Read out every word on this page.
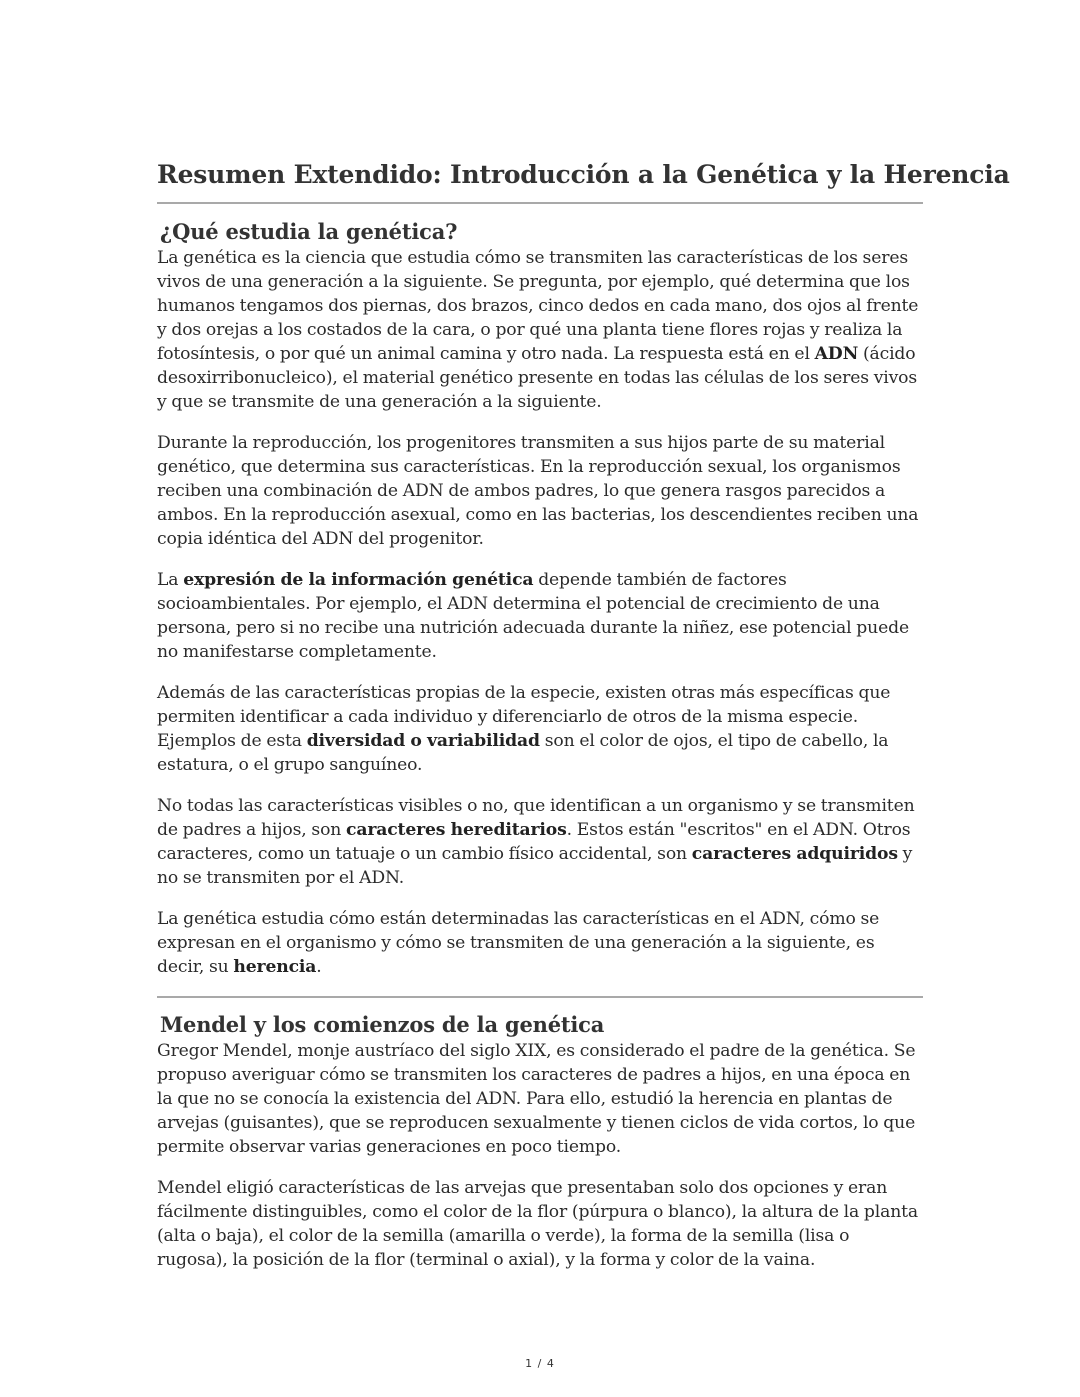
Resumen Extendido: Introducción a la Genética y la Herencia
¿Qué estudia la genética?

La genética es la ciencia que estudia cómo se transmiten las características de los seres vivos de una generación a la siguiente. Se pregunta, por ejemplo, qué determina que los humanos tengamos dos piernas, dos brazos, cinco dedos en cada mano, dos ojos al frente y dos orejas a los costados de la cara, o por qué una planta tiene flores rojas y realiza la fotosíntesis, o por qué un animal camina y otro nada. La respuesta está en el ADN (ácido desoxirribonucleico), el material genético presente en todas las células de los seres vivos y que se transmite de una generación a la siguiente.

Durante la reproducción, los progenitores transmiten a sus hijos parte de su material genético, que determina sus características. En la reproducción sexual, los organismos reciben una combinación de ADN de ambos padres, lo que genera rasgos parecidos a ambos. En la reproducción asexual, como en las bacterias, los descendientes reciben una copia idéntica del ADN del progenitor.

La expresión de la información genética depende también de factores socioambientales. Por ejemplo, el ADN determina el potencial de crecimiento de una persona, pero si no recibe una nutrición adecuada durante la niñez, ese potencial puede no manifestarse completamente.

Además de las características propias de la especie, existen otras más específicas que permiten identificar a cada individuo y diferenciarlo de otros de la misma especie. Ejemplos de esta diversidad o variabilidad son el color de ojos, el tipo de cabello, la estatura, o el grupo sanguíneo.

No todas las características visibles o no, que identifican a un organismo y se transmiten de padres a hijos, son caracteres hereditarios. Estos están "escritos" en el ADN. Otros caracteres, como un tatuaje o un cambio físico accidental, son caracteres adquiridos y no se transmiten por el ADN.

La genética estudia cómo están determinadas las características en el ADN, cómo se expresan en el organismo y cómo se transmiten de una generación a la siguiente, es decir, su herencia.

Mendel y los comienzos de la genética

Gregor Mendel, monje austríaco del siglo XIX, es considerado el padre de la genética. Se propuso averiguar cómo se transmiten los caracteres de padres a hijos, en una época en la que no se conocía la existencia del ADN. Para ello, estudió la herencia en plantas de arvejas (guisantes), que se reproducen sexualmente y tienen ciclos de vida cortos, lo que permite observar varias generaciones en poco tiempo.

Mendel eligió características de las arvejas que presentaban solo dos opciones y eran fácilmente distinguibles, como el color de la flor (púrpura o blanco), la altura de la planta (alta o baja), el color de la semilla (amarilla o verde), la forma de la semilla (lisa o rugosa), la posición de la flor (terminal o axial), y la forma y color de la vaina.

1 / 4
